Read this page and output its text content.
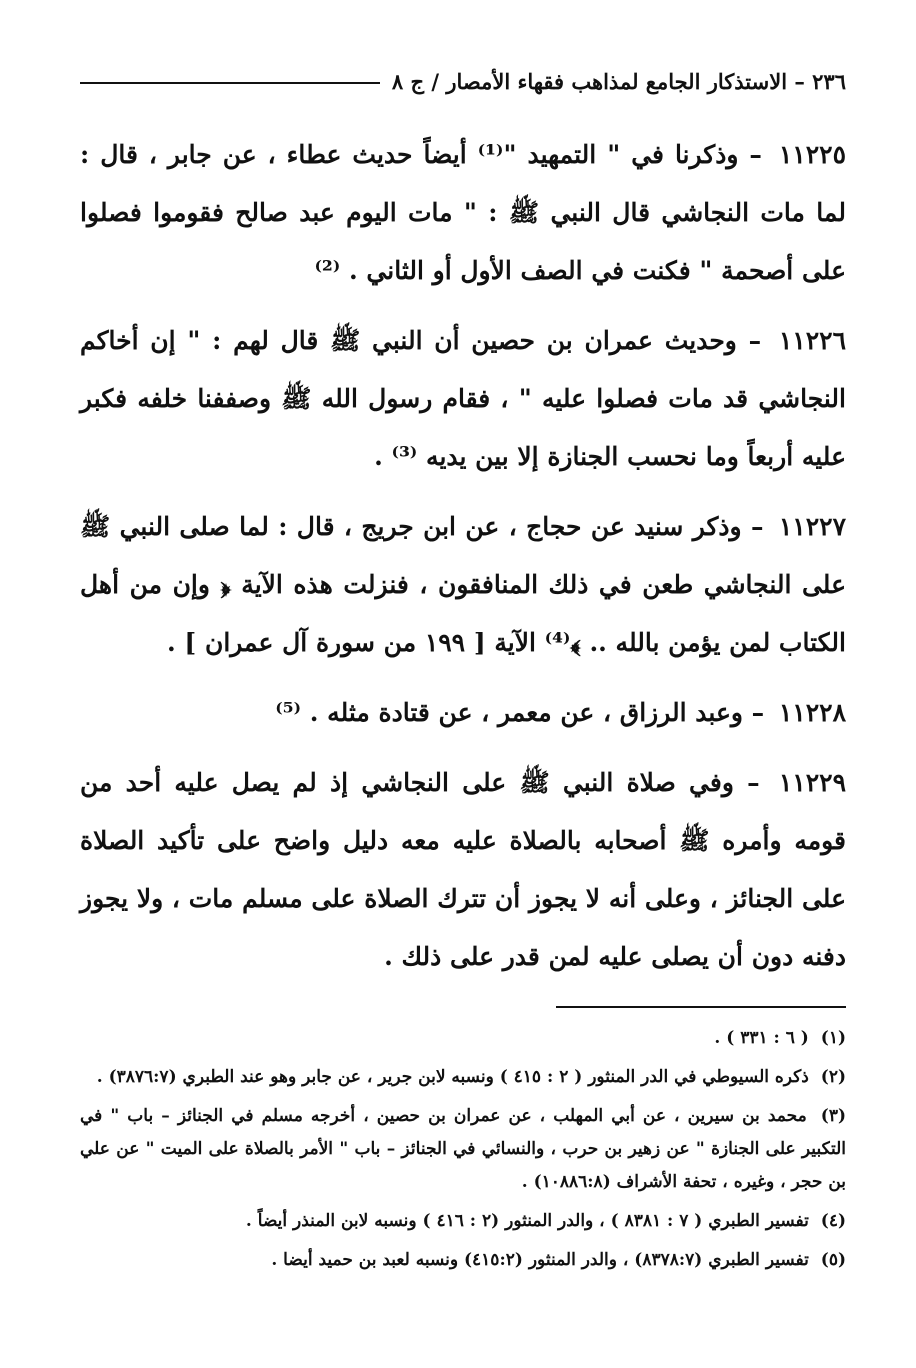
٢٣٦ – الاستذكار الجامع لمذاهب فقهاء الأمصار / ج ٨

١١٢٢٥ – وذكرنا في " التمهيد "⁽¹⁾ أيضاً حديث عطاء ، عن جابر ، قال : لما مات النجاشي قال النبي ﷺ : " مات اليوم عبد صالح فقوموا فصلوا على أصحمة " فكنت في الصف الأول أو الثاني . ⁽²⁾

١١٢٢٦ – وحديث عمران بن حصين أن النبي ﷺ قال لهم : " إن أخاكم النجاشي قد مات فصلوا عليه " ، فقام رسول الله ﷺ وصففنا خلفه فكبر عليه أربعاً وما نحسب الجنازة إلا بين يديه ⁽³⁾ .

١١٢٢٧ – وذكر سنيد عن حجاج ، عن ابن جريج ، قال : لما صلى النبي ﷺ على النجاشي طعن في ذلك المنافقون ، فنزلت هذه الآية ﴿ وإن من أهل الكتاب لمن يؤمن بالله .. ﴾⁽⁴⁾ الآية [ ١٩٩ من سورة آل عمران ] .

١١٢٢٨ – وعبد الرزاق ، عن معمر ، عن قتادة مثله . ⁽⁵⁾

١١٢٢٩ – وفي صلاة النبي ﷺ على النجاشي إذ لم يصل عليه أحد من قومه وأمره ﷺ أصحابه بالصلاة عليه معه دليل واضح على تأكيد الصلاة على الجنائز ، وعلى أنه لا يجوز أن تترك الصلاة على مسلم مات ، ولا يجوز دفنه دون أن يصلى عليه لمن قدر على ذلك .

(١) ( ٦ : ٣٣١ ) .

(٢) ذكره السيوطي في الدر المنثور ( ٢ : ٤١٥ ) ونسبه لابن جرير ، عن جابر وهو عند الطبري (٣٨٧٦:٧) .

(٣) محمد بن سيرين ، عن أبي المهلب ، عن عمران بن حصين ، أخرجه مسلم في الجنائز – باب " في التكبير على الجنازة " عن زهير بن حرب ، والنسائي في الجنائز – باب " الأمر بالصلاة على الميت " عن علي بن حجر ، وغيره ، تحفة الأشراف (١٠٨٨٦:٨) .

(٤) تفسير الطبري ( ٧ : ٨٣٨١ ) ، والدر المنثور (٢ : ٤١٦ ) ونسبه لابن المنذر أيضاً .

(٥) تفسير الطبري (٨٣٧٨:٧) ، والدر المنثور (٤١٥:٢) ونسبه لعبد بن حميد أيضا .
